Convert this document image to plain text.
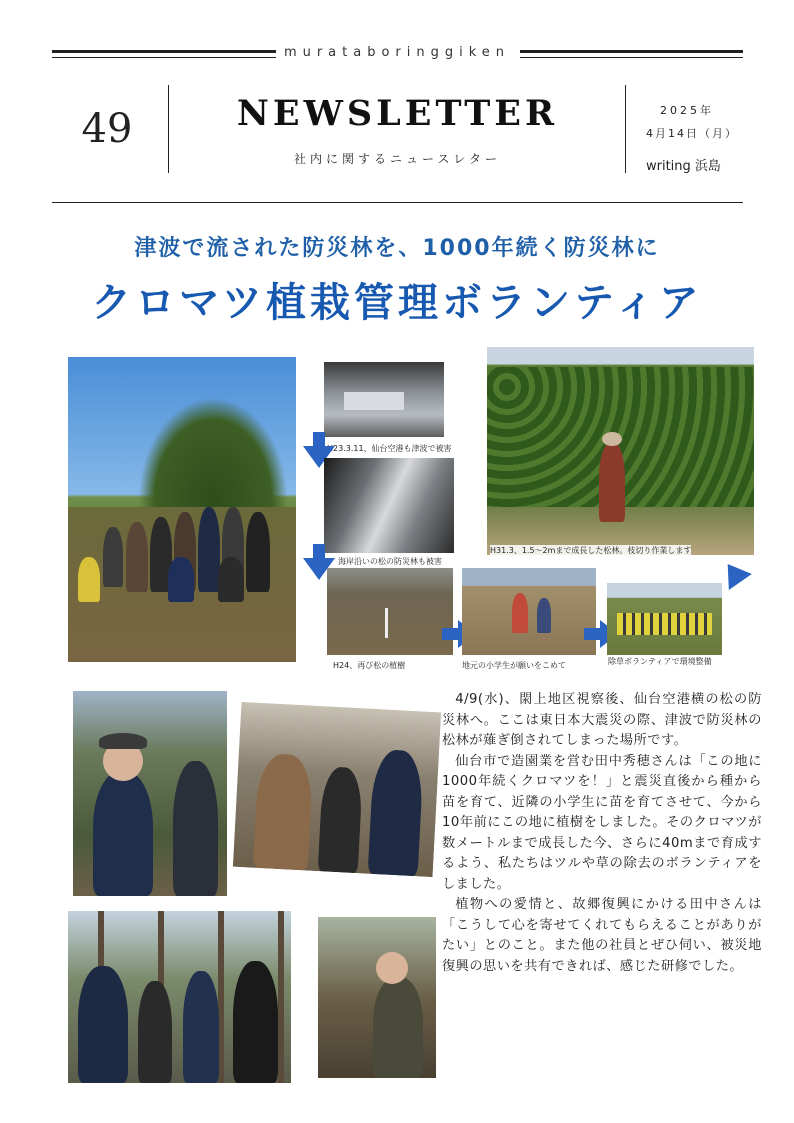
murataboringgiken
49	NEWSLETTER
社内に関するニュースレター
2025年
4月14日（月）
writing 浜島
津波で流された防災林を、1000年続く防災林に
クロマツ植栽管理ボランティア
H23.3.11、仙台空港も津波で被害
海岸沿いの松の防災林も被害
H24、再び松の植樹	地元の小学生が願いをこめて	除草ボランティアで環境整備
H31.3、1.5〜2mまで成長した松林。枝切り作業します

4/9(水)、閖上地区視察後、仙台空港横の松の防災林へ。ここは東日本大震災の際、津波で防災林の松林が薙ぎ倒されてしまった場所です。

仙台市で造園業を営む田中秀穂さんは「この地に1000年続くクロマツを！」と震災直後から種から苗を育て、近隣の小学生に苗を育てさせて、今から10年前にこの地に植樹をしました。そのクロマツが数メートルまで成長した今、さらに40mまで育成するよう、私たちはツルや草の除去のボランティアをしました。

植物への愛情と、故郷復興にかける田中さんは「こうして心を寄せてくれてもらえることがありがたい」とのこと。また他の社員とぜひ伺い、被災地復興の思いを共有できれば、感じた研修でした。
